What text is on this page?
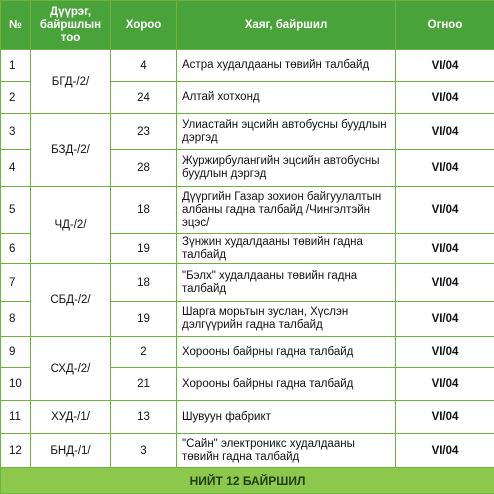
№	Дүүрэг, байршлын тоо	Хороо	Хаяг, байршил	Огноо
1	БГД-/2/	4	Астра худалдааны төвийн талбайд	VI/04
2		24	Алтай хотхонд	VI/04
3	БЗД-/2/	23	Улиастайн эцсийн автобусны буудлын дэргэд	VI/04
4		28	Журжирбулангийн эцсийн автобусны буудлын дэргэд	VI/04
5	ЧД-/2/	18	Дүүргийн Газар зохион байгуулалтын албаны гадна талбайд /Чингэлтэйн эцэс/	VI/04
6		19	Зүнжин худалдааны төвийн гадна талбайд	VI/04
7	СБД-/2/	18	"Бэлх" худалдааны төвийн гадна талбайд	VI/04
8		19	Шарга морьтын зуслан, Хүслэн дэлгүүрийн гадна талбайд	VI/04
9	СХД-/2/	2	Хорооны байрны гадна талбайд	VI/04
10		21	Хорооны байрны гадна талбайд	VI/04
11	ХУД-/1/	13	Шувуун фабрикт	VI/04
12	БНД-/1/	3	"Сайн" электроникс худалдааны төвийн гадна талбайд	VI/04
НИЙТ 12 БАЙРШИЛ				
